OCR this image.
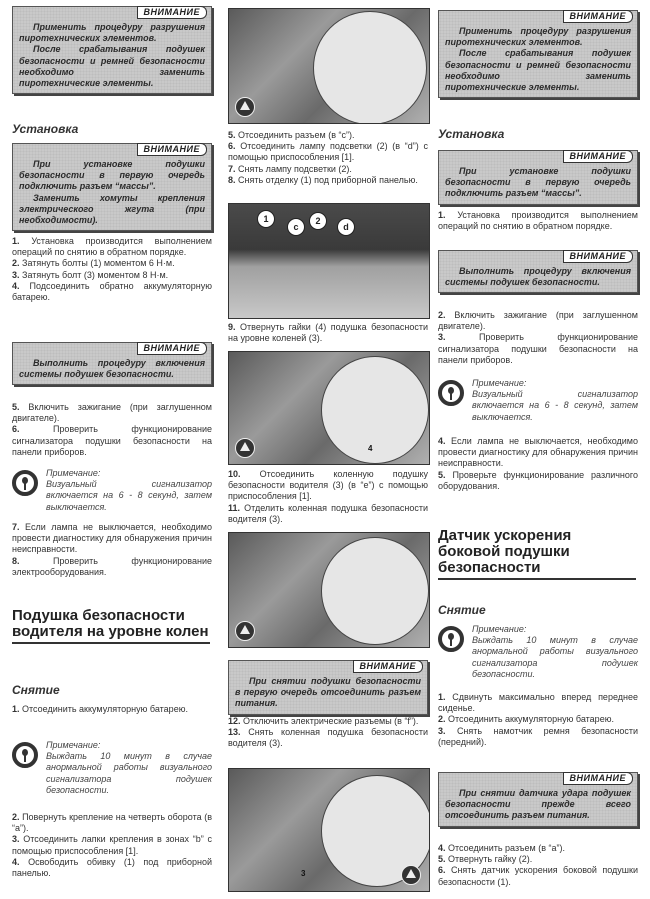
ВНИМАНИЕ

Применить процедуру разрушения пиротехнических элементов.

После срабатывания подушек безопасности и ремней безопасности необходимо заменить пиротехнические элементы.

Установка
ВНИМАНИЕ

При установке подушки безопасности в первую очередь подключить разъем “массы”.

Заменить хомуты крепления электрического жгута (при необходимости).

1. Установка производится выполнением операций по снятию в обратном порядке.

2. Затянуть болты (1) моментом 6 Н·м.

3. Затянуть болт (3) моментом 8 Н·м.

4. Подсоединить обратно аккумуляторную батарею.

ВНИМАНИЕ

Выполнить процедуру включения системы подушек безопасности.

5. Включить зажигание (при заглушенном двигателе).

6.	Проверить функционирование сигнализатора подушки безопасности на панели приборов.

Примечание:
Визуальный сигнализатор включается на 6 - 8 секунд, затем выключается.

7. Если лампа не выключается, необходимо провести диагностику для обнаружения причин неисправности.

8.	Проверить функционирование электрооборудования.

Подушка безопасности водителя на уровне колен
Снятие

1. Отсоединить аккумуляторную батарею.

Примечание:
Выждать 10 минут в случае анормальной работы визуального сигнализатора подушек безопасности.

2. Повернуть крепление на четверть оборота (в “a”).

3. Отсоединить лапки крепления в зонах “b” с помощью приспособления [1].

4. Освободить обивку (1) под приборной панелью.

5. Отсоединить разъем (в “c”).

6. Отсоединить лампу подсветки (2) (в “d”) с помощью приспособления [1].

7. Снять лампу подсветки (2).

8. Снять отделку (1) под приборной панелью.

1
c
2
d

9. Отвернуть гайки (4) подушка безопасности на уровне коленей (3).

4

10. Отсоединить коленную подушку безопасности водителя (3) (в “e”) с помощью приспособления [1].

11. Отделить коленная подушка безопасности водителя (3).

ВНИМАНИЕ

При снятии подушки безопасности в первую очередь отсоединить разъем питания.

12. Отключить электрические разъемы (в “f”).

13. Снять коленная подушка безопасности водителя (3).

3
ВНИМАНИЕ

Применить процедуру разрушения пиротехнических элементов.

После срабатывания подушек безопасности и ремней безопасности необходимо заменить пиротехнические элементы.

Установка
ВНИМАНИЕ

При установке подушки безопасности в первую очередь подключить разъем “массы”.

1. Установка производится выполнением операций по снятию в обратном порядке.

ВНИМАНИЕ

Выполнить процедуру включения системы подушек безопасности.

2. Включить зажигание (при заглушенном двигателе).

3.	Проверить функционирование сигнализатора подушки безопасности на панели приборов.

Примечание:
Визуальный сигнализатор включается на 6 - 8 секунд, затем выключается.

4. Если лампа не выключается, необходимо провести диагностику для обнаружения причин неисправности.

5. Проверьте функционирование различного оборудования.

Датчик ускорения боковой подушки безопасности
Снятие
Примечание:
Выждать 10 минут в случае анормальной работы визуального сигнализатора подушек безопасности.

1. Сдвинуть максимально вперед переднее сиденье.

2. Отсоединить аккумуляторную батарею.

3. Снять намотчик ремня безопасности (передний).

ВНИМАНИЕ

При снятии датчика удара подушек безопасности прежде всего отсоединить разъем питания.

4. Отсоединить разъем (в “a”).

5. Отвернуть гайку (2).

6. Снять датчик ускорения боковой подушки безопасности (1).
